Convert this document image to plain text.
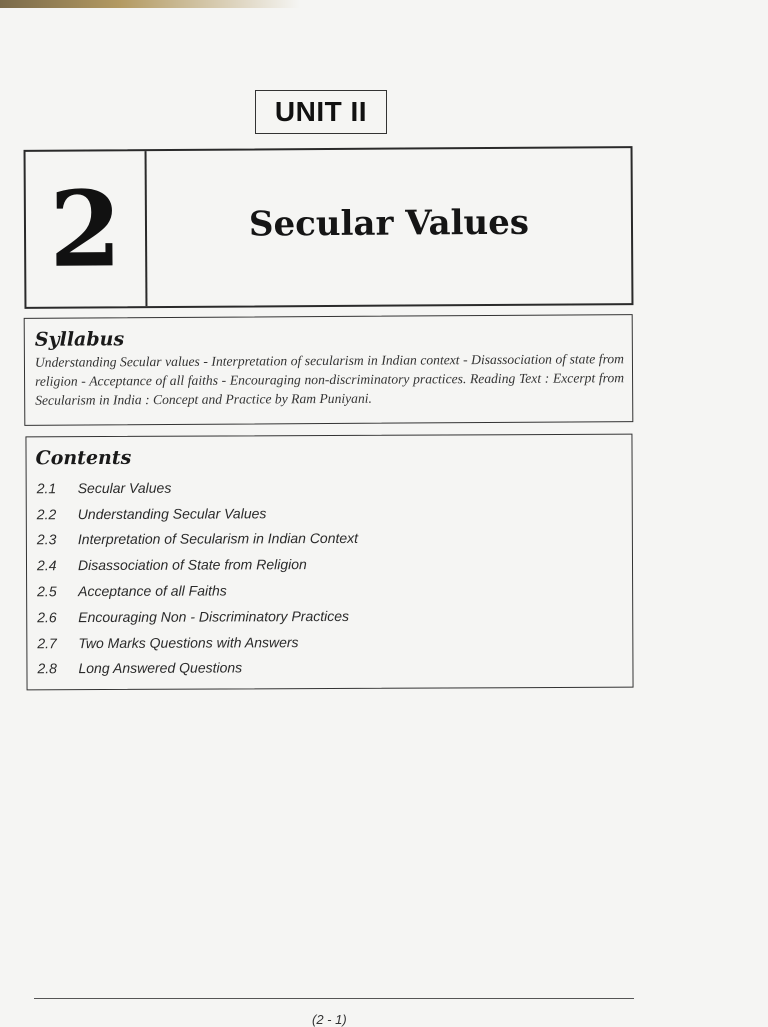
UNIT II
2	Secular Values
Syllabus

Understanding Secular values - Interpretation of secularism in Indian context - Disassociation of state from religion - Acceptance of all faiths - Encouraging non-discriminatory practices. Reading Text : Excerpt from Secularism in India : Concept and Practice by Ram Puniyani.

Contents
2.1	Secular Values
2.2	Understanding Secular Values
2.3	Interpretation of Secularism in Indian Context
2.4	Disassociation of State from Religion
2.5	Acceptance of all Faiths
2.6	Encouraging Non - Discriminatory Practices
2.7	Two Marks Questions with Answers
2.8	Long Answered Questions
(2 - 1)
